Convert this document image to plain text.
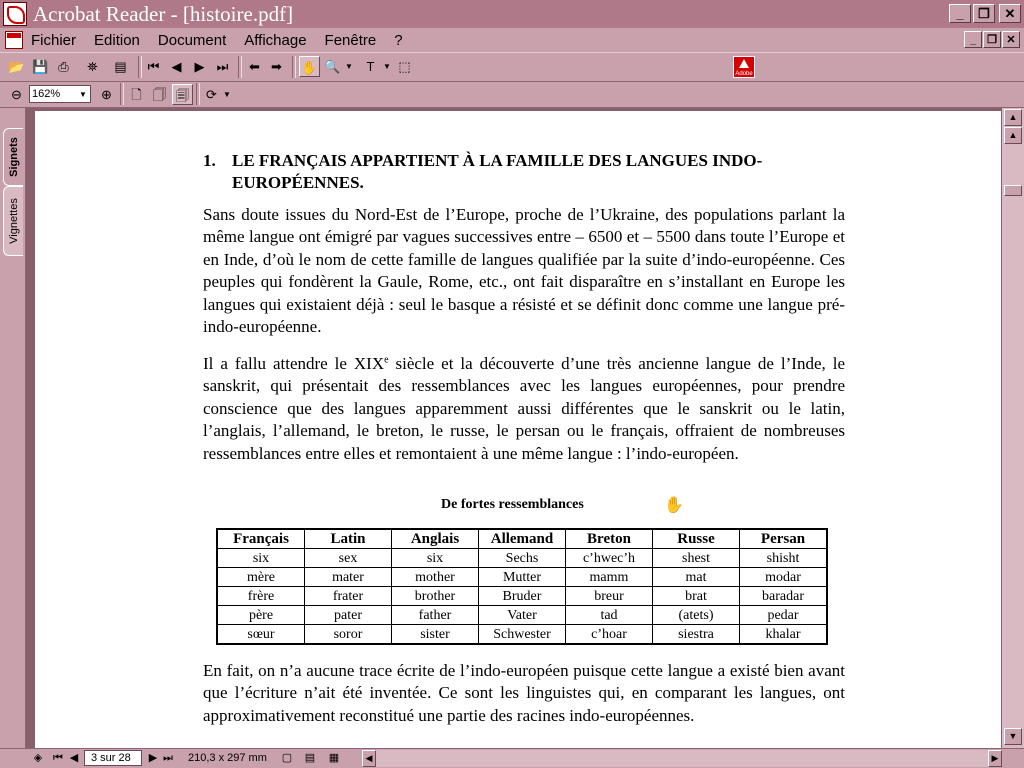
Acrobat Reader - [histoire.pdf]	_	❐	✕
Fichier Edition Document Affichage Fenêtre ?	_	❐ ✕
📂 💾 ⎙	⛯	▤	⏮ ◀	▶ ⏭	⬅ ➡	✋ 🔍 ▼	T	▼ ⬚	Adobe
⊖ 162%	▼	⊕	🗋 🗍 🗐	⟳ ▼
Signets
Vignettes
1. LE FRANÇAIS APPARTIENT À LA FAMILLE DES LANGUES INDO-EUROPÉENNES.
Sans doute issues du Nord-Est de l’Europe, proche de l’Ukraine, des populations parlant la même langue ont émigré par vagues successives entre – 6500 et – 5500 dans toute l’Europe et en Inde, d’où le nom de cette famille de langues qualifiée par la suite d’indo-européenne. Ces peuples qui fondèrent la Gaule, Rome, etc., ont fait disparaître en s’installant en Europe les langues qui existaient déjà : seul le basque a résisté et se définit donc comme une langue pré-indo-européenne.
Il a fallu attendre le XIXe siècle et la découverte d’une très ancienne langue de l’Inde, le sanskrit, qui présentait des ressemblances avec les langues européennes, pour prendre conscience que des langues apparemment aussi différentes que le sanskrit ou le latin, l’anglais, l’allemand, le breton, le russe, le persan ou le français, offraient de nombreuses ressemblances entre elles et remontaient à une même langue : l’indo-européen.
De fortes ressemblances	✋
Français	Latin	Anglais	Allemand	Breton	Russe	Persan
six	sex	six	Sechs	c’hwec’h	shest	shisht
mère	mater	mother	Mutter	mamm	mat	modar
frère	frater	brother	Bruder	breur	brat	baradar
père	pater	father	Vater	tad	(atets)	pedar
sœur	soror	sister	Schwester	c’hoar	siestra	khalar
En fait, on n’a aucune trace écrite de l’indo-européen puisque cette langue a existé bien avant que l’écriture n’ait été inventée. Ce sont les linguistes qui, en comparant les langues, ont approximativement reconstitué une partie des racines indo-européennes.
▲
▲
▼
◈ ⏮ ◀	3 sur 28	▶ ⏭ 210,3 x 297 mm ▢ ▤ ▦	◀	▶
